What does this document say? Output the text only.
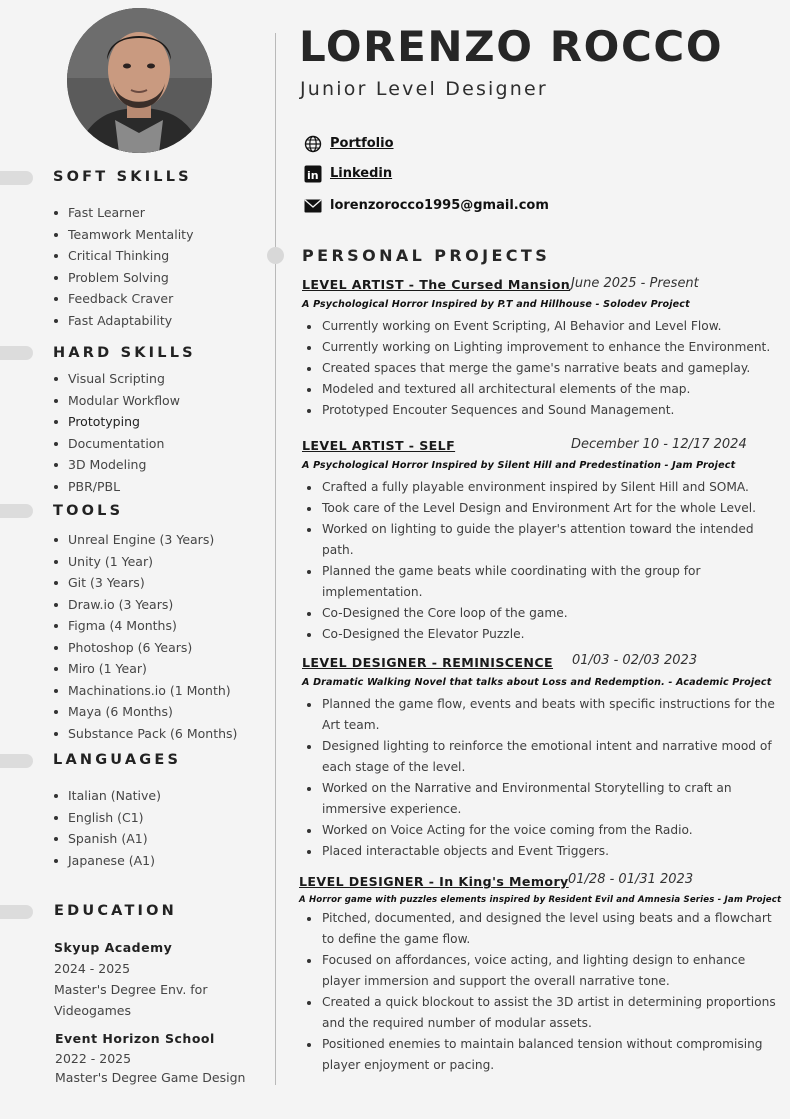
SOFT SKILLS
Fast Learner
Teamwork Mentality
Critical Thinking
Problem Solving
Feedback Craver
Fast Adaptability
HARD SKILLS
Visual Scripting
Modular Workflow
Prototyping
Documentation
3D Modeling
PBR/PBL
TOOLS
Unreal Engine (3 Years)
Unity (1 Year)
Git (3 Years)
Draw.io (3 Years)
Figma (4 Months)
Photoshop (6 Years)
Miro (1 Year)
Machinations.io (1 Month)
Maya (6 Months)
Substance Pack (6 Months)
LANGUAGES
Italian (Native)
English (C1)
Spanish (A1)
Japanese (A1)
EDUCATION
Skyup Academy
2024 - 2025
Master's Degree Env. for
Videogames
Event Horizon School
2022 - 2025
Master's Degree Game Design
LORENZO ROCCO
Junior Level Designer
Portfolio
in Linkedin
lorenzorocco1995@gmail.com
PERSONAL PROJECTS
LEVEL ARTIST - The Cursed Mansion June 2025 - Present
A Psychological Horror Inspired by P.T and Hillhouse - Solodev Project
Currently working on Event Scripting, AI Behavior and Level Flow.
Currently working on Lighting improvement to enhance the Environment.
Created spaces that merge the game's narrative beats and gameplay.
Modeled and textured all architectural elements of the map.
Prototyped Encouter Sequences and Sound Management.
LEVEL ARTIST - SELF	December 10 - 12/17 2024
A Psychological Horror Inspired by Silent Hill and Predestination - Jam Project
Crafted a fully playable environment inspired by Silent Hill and SOMA.
Took care of the Level Design and Environment Art for the whole Level.
Worked on lighting to guide the player's attention toward the intended path.
Planned the game beats while coordinating with the group for implementation.
Co-Designed the Core loop of the game.
Co-Designed the Elevator Puzzle.
LEVEL DESIGNER - REMINISCENCE 01/03 - 02/03 2023
A Dramatic Walking Novel that talks about Loss and Redemption. - Academic Project
Planned the game flow, events and beats with specific instructions for the Art team.
Designed lighting to reinforce the emotional intent and narrative mood of each stage of the level.
Worked on the Narrative and Environmental Storytelling to craft an immersive experience.
Worked on Voice Acting for the voice coming from the Radio.
Placed interactable objects and Event Triggers.
LEVEL DESIGNER - In King's Memory 01/28 - 01/31 2023
A Horror game with puzzles elements inspired by Resident Evil and Amnesia Series - Jam Project
Pitched, documented, and designed the level using beats and a flowchart to define the game flow.
Focused on affordances, voice acting, and lighting design to enhance player immersion and support the overall narrative tone.
Created a quick blockout to assist the 3D artist in determining proportions and the required number of modular assets.
Positioned enemies to maintain balanced tension without compromising player enjoyment or pacing.
